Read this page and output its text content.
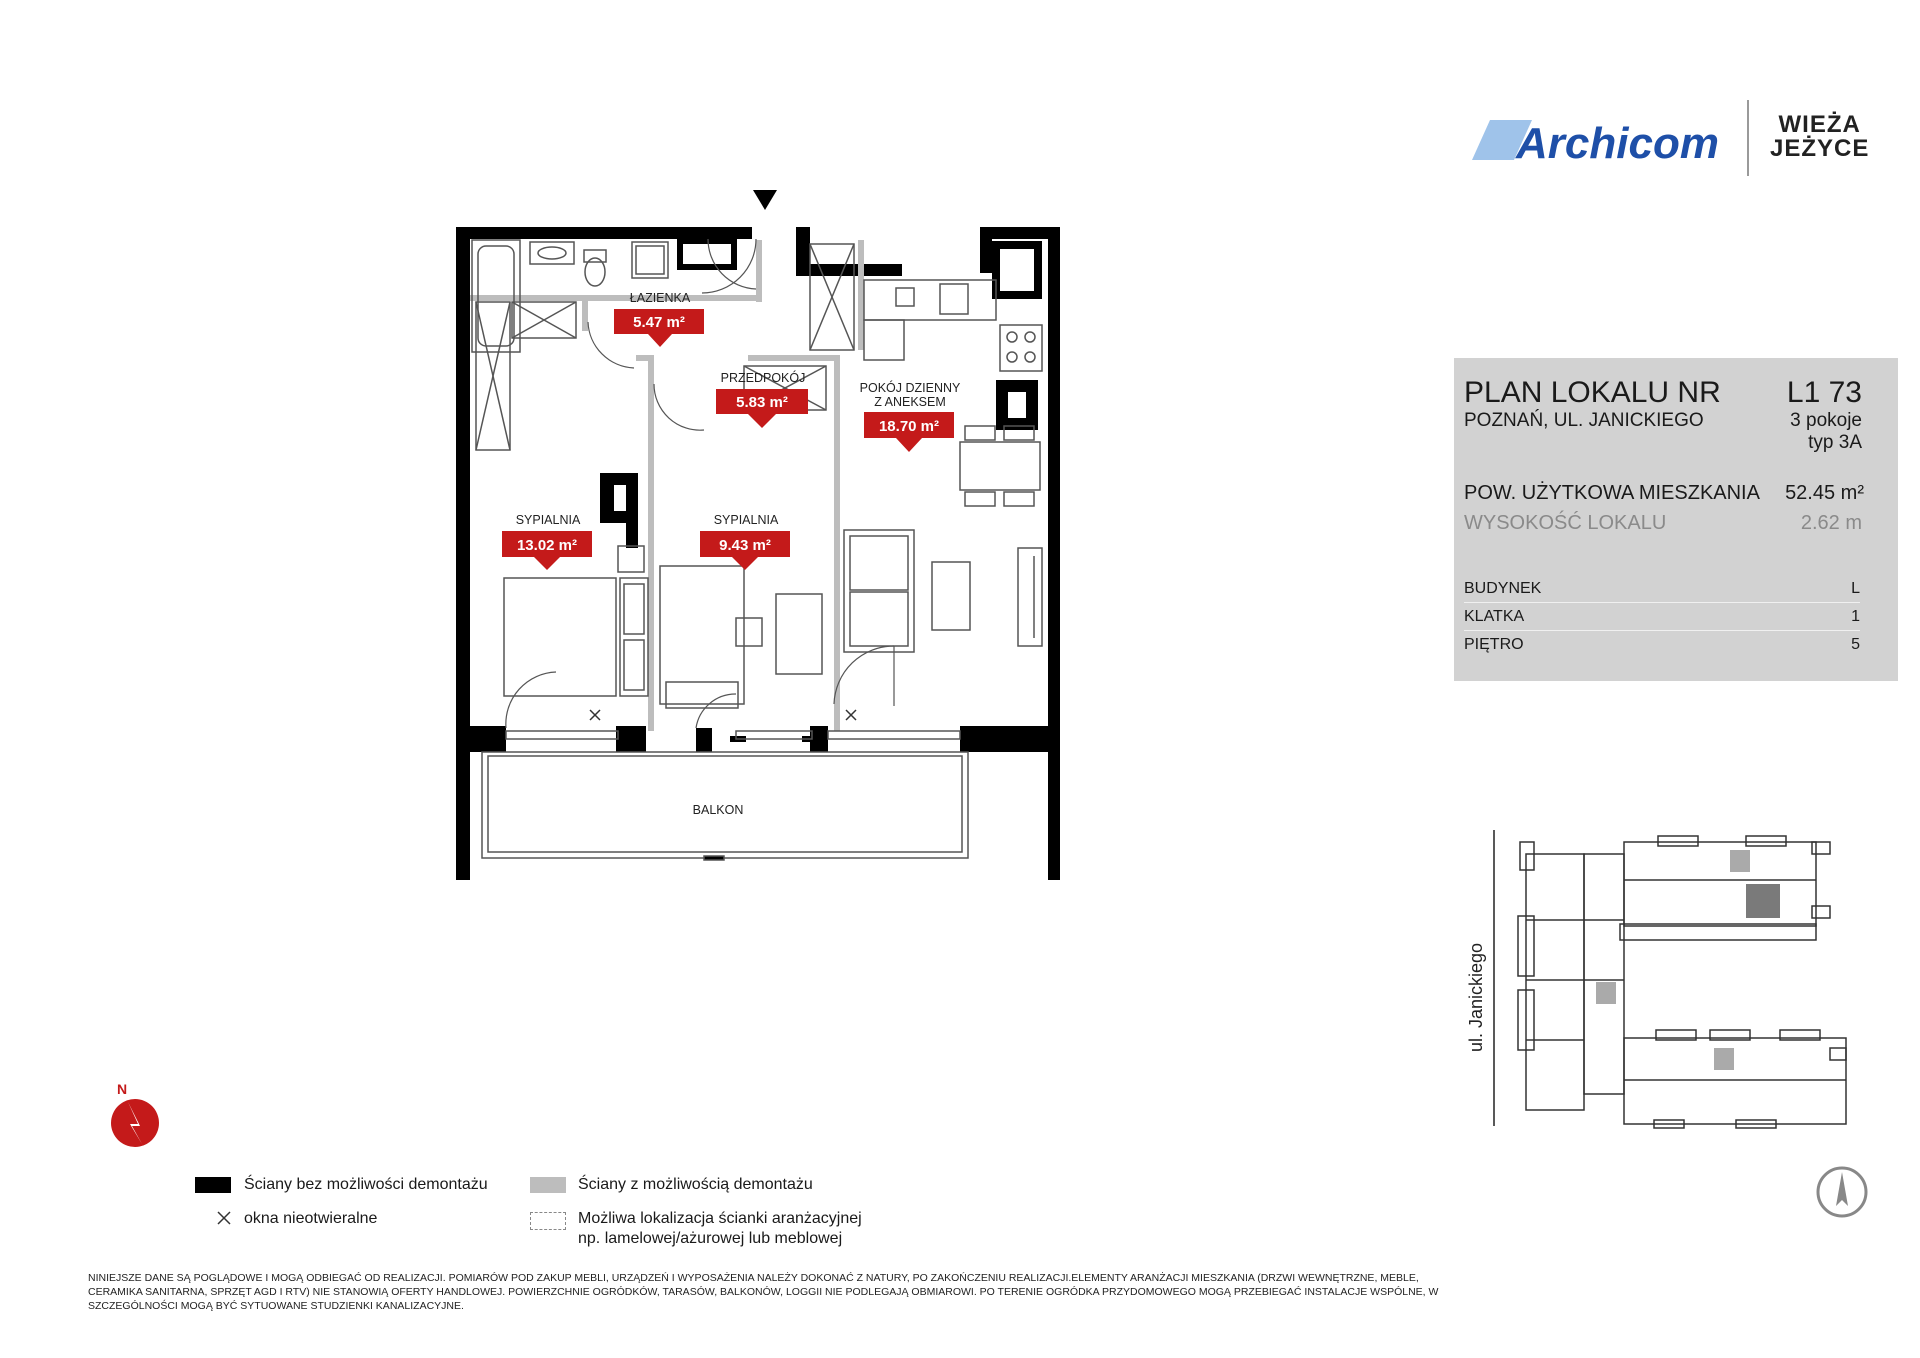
Archicom	WIEŻA
JEŻYCE
PLAN LOKALU NR L1 73
POZNAŃ, UL. JANICKIEGO	3 pokoje
typ 3A
POW. UŻYTKOWA MIESZKANIA 52.45 m²
WYSOKOŚĆ LOKALU	2.62 m
BUDYNEK	L
KLATKA	1
PIĘTRO	5
ŁAZIENKA
PRZEDPOKÓJ
POKÓJ DZIENNY
Z ANEKSEM
SYPIALNIA	SYPIALNIA
BALKON
5.47 m²
5.83 m²
18.70 m²
13.02 m²	9.43 m²
ul. Janickiego
N
Ściany bez możliwości demontażu	Ściany z możliwością demontażu
okna nieotwieralne	Możliwa lokalizacja ścianki aranżacyjnej
np. lamelowej/ażurowej lub meblowej
NINIEJSZE DANE SĄ POGLĄDOWE I MOGĄ ODBIEGAĆ OD REALIZACJI. POMIARÓW POD ZAKUP MEBLI, URZĄDZEŃ I WYPOSAŻENIA NALEŻY DOKONAĆ Z NATURY, PO ZAKOŃCZENIU REALIZACJI.ELEMENTY ARANŻACJI MIESZKANIA (DRZWI WEWNĘTRZNE, MEBLE, CERAMIKA SANITARNA, SPRZĘT AGD I RTV) NIE STANOWIĄ OFERTY HANDLOWEJ. POWIERZCHNIE OGRÓDKÓW, TARASÓW, BALKONÓW, LOGGII NIE PODLEGAJĄ OBMIAROWI. PO TERENIE OGRÓDKA PRZYDOMOWEGO MOGĄ PRZEBIEGAĆ INSTALACJE WSPÓLNE, W SZCZEGÓLNOŚCI MOGĄ BYĆ SYTUOWANE STUDZIENKI KANALIZACYJNE.
